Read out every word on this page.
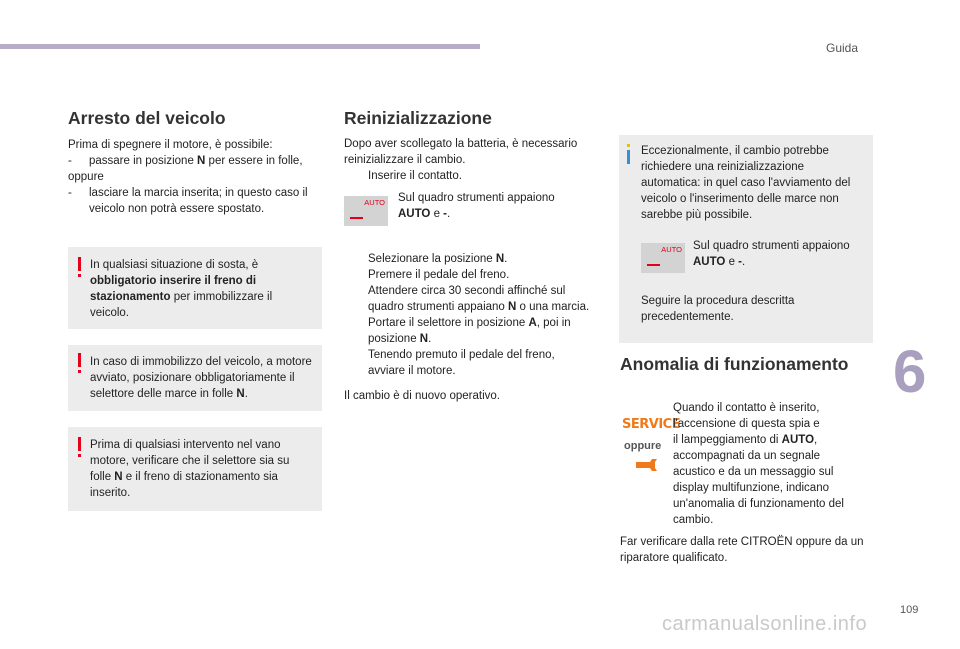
Guida
6
109
carmanualsonline.info
Arresto del veicolo

Prima di spegnere il motore, è possibile:

- passare in posizione N per essere in folle,

oppure

- lasciare la marcia inserita; in questo caso il
veicolo non potrà essere spostato.
In qualsiasi situazione di sosta, è
obbligatorio inserire il freno di
stazionamento per immobilizzare il
veicolo.
In caso di immobilizzo del veicolo, a motore
avviato, posizionare obbligatoriamente il
selettore delle marce in folle N.
Prima di qualsiasi intervento nel vano
motore, verificare che il selettore sia su
folle N e il freno di stazionamento sia
inserito.
Reinizializzazione

Dopo aver scollegato la batteria, è necessario
reinizializzare il cambio.

Inserire il contatto.
AUTO Sul quadro strumenti appaiono
AUTO e -.

Selezionare la posizione N.
Premere il pedale del freno.
Attendere circa 30 secondi affinché sul
quadro strumenti appaiano N o una marcia.
Portare il selettore in posizione A, poi in
posizione N.
Tenendo premuto il pedale del freno,
avviare il motore.

Il cambio è di nuovo operativo.

Eccezionalmente, il cambio potrebbe
richiedere una reinizializzazione
automatica: in quel caso l'avviamento del
veicolo o l'inserimento delle marce non
sarebbe più possibile.
AUTO Sul quadro strumenti appaiono
AUTO e -.
Seguire la procedura descritta
precedentemente.
Anomalia di funzionamento
SERVICE
oppure

Quando il contatto è inserito,
l'accensione di questa spia e
il lampeggiamento di AUTO,
accompagnati da un segnale
acustico e da un messaggio sul
display multifunzione, indicano
un'anomalia di funzionamento del
cambio.

Far verificare dalla rete CITROËN oppure da un
riparatore qualificato.
